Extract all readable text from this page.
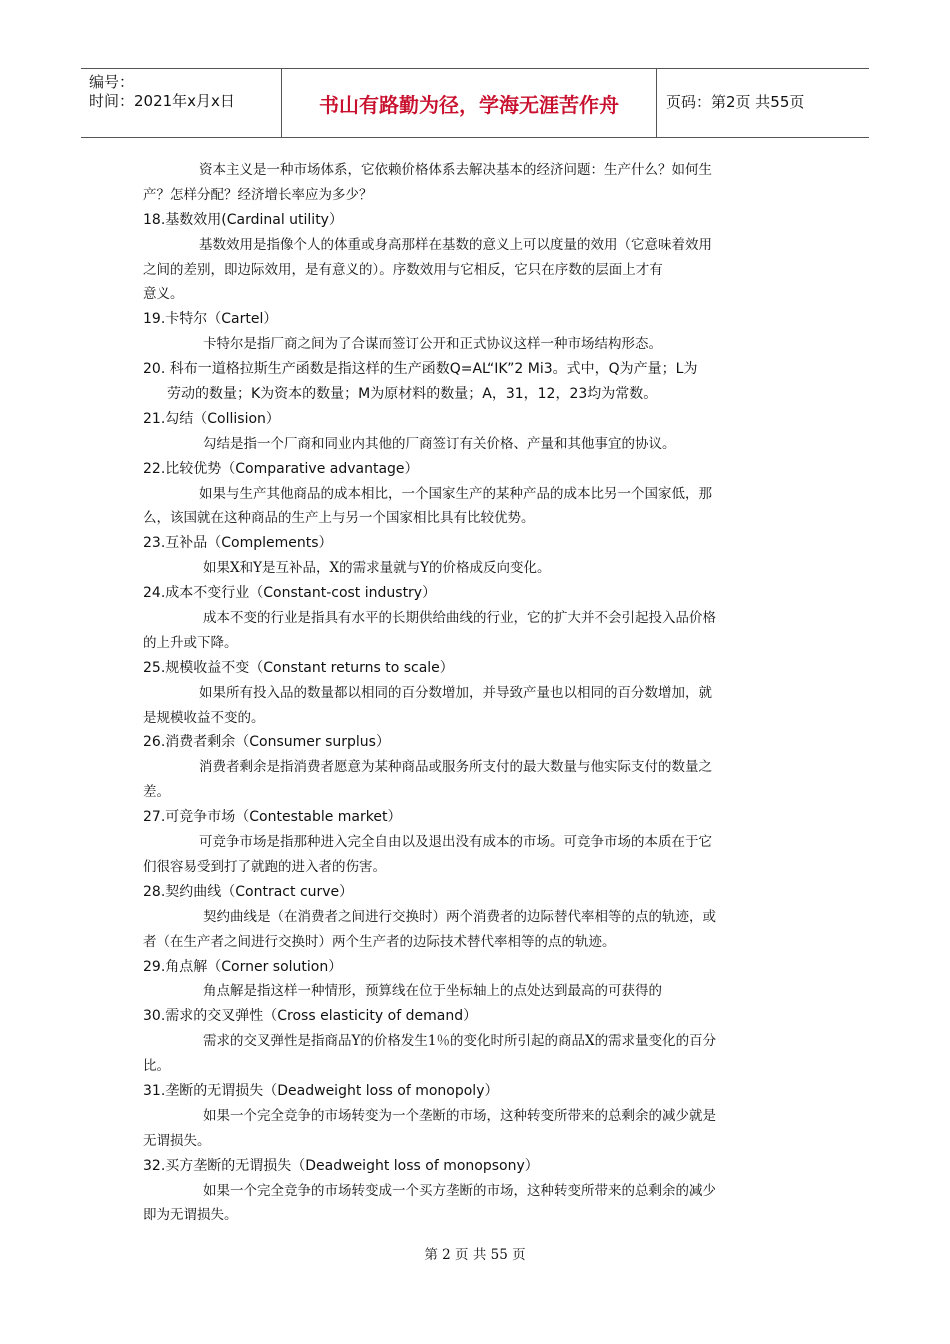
编号：
时间：2021年x月x日	书山有路勤为径，学海无涯苦作舟	页码：第2页 共55页
资本主义是一种市场体系，它依赖价格体系去解决基本的经济问题：生产什么？如何生
产？怎样分配？经济增长率应为多少？
18.基数效用(Cardinal utility）
基数效用是指像个人的体重或身高那样在基数的意义上可以度量的效用（它意味着效用
之间的差别，即边际效用，是有意义的）。序数效用与它相反，它只在序数的层面上才有
意义。
19.卡特尔（Cartel）
卡特尔是指厂商之间为了合谋而签订公开和正式协议这样一种市场结构形态。
20. 科布一道格拉斯生产函数是指这样的生产函数Q=AL“IK”2 Mi3。式中，Q为产量；L为
劳动的数量；K为资本的数量；M为原材料的数量；A，31，12，23均为常数。
21.勾结（Collision）
勾结是指一个厂商和同业内其他的厂商签订有关价格、产量和其他事宜的协议。
22.比较优势（Comparative advantage）
如果与生产其他商品的成本相比，一个国家生产的某种产品的成本比另一个国家低，那
么，该国就在这种商品的生产上与另一个国家相比具有比较优势。
23.互补品（Complements）
如果X和Y是互补品，X的需求量就与Y的价格成反向变化。
24.成本不变行业（Constant-cost industry）
成本不变的行业是指具有水平的长期供给曲线的行业，它的扩大并不会引起投入品价格
的上升或下降。
25.规模收益不变（Constant returns to scale）
如果所有投入品的数量都以相同的百分数增加，并导致产量也以相同的百分数增加，就
是规模收益不变的。
26.消费者剩余（Consumer surplus）
消费者剩余是指消费者愿意为某种商品或服务所支付的最大数量与他实际支付的数量之
差。
27.可竞争市场（Contestable market）
可竞争市场是指那种进入完全自由以及退出没有成本的市场。可竞争市场的本质在于它
们很容易受到打了就跑的进入者的伤害。
28.契约曲线（Contract curve）
契约曲线是（在消费者之间进行交换时）两个消费者的边际替代率相等的点的轨迹，或
者（在生产者之间进行交换时）两个生产者的边际技术替代率相等的点的轨迹。
29.角点解（Corner solution）
角点解是指这样一种情形，预算线在位于坐标轴上的点处达到最高的可获得的
30.需求的交叉弹性（Cross elasticity of demand）
需求的交叉弹性是指商品Y的价格发生1％的变化时所引起的商品X的需求量变化的百分
比。
31.垄断的无谓损失（Deadweight loss of monopoly）
如果一个完全竞争的市场转变为一个垄断的市场，这种转变所带来的总剩余的减少就是
无谓损失。
32.买方垄断的无谓损失（Deadweight loss of monopsony）
如果一个完全竞争的市场转变成一个买方垄断的市场，这种转变所带来的总剩余的减少
即为无谓损失。
第 2 页 共 55 页
